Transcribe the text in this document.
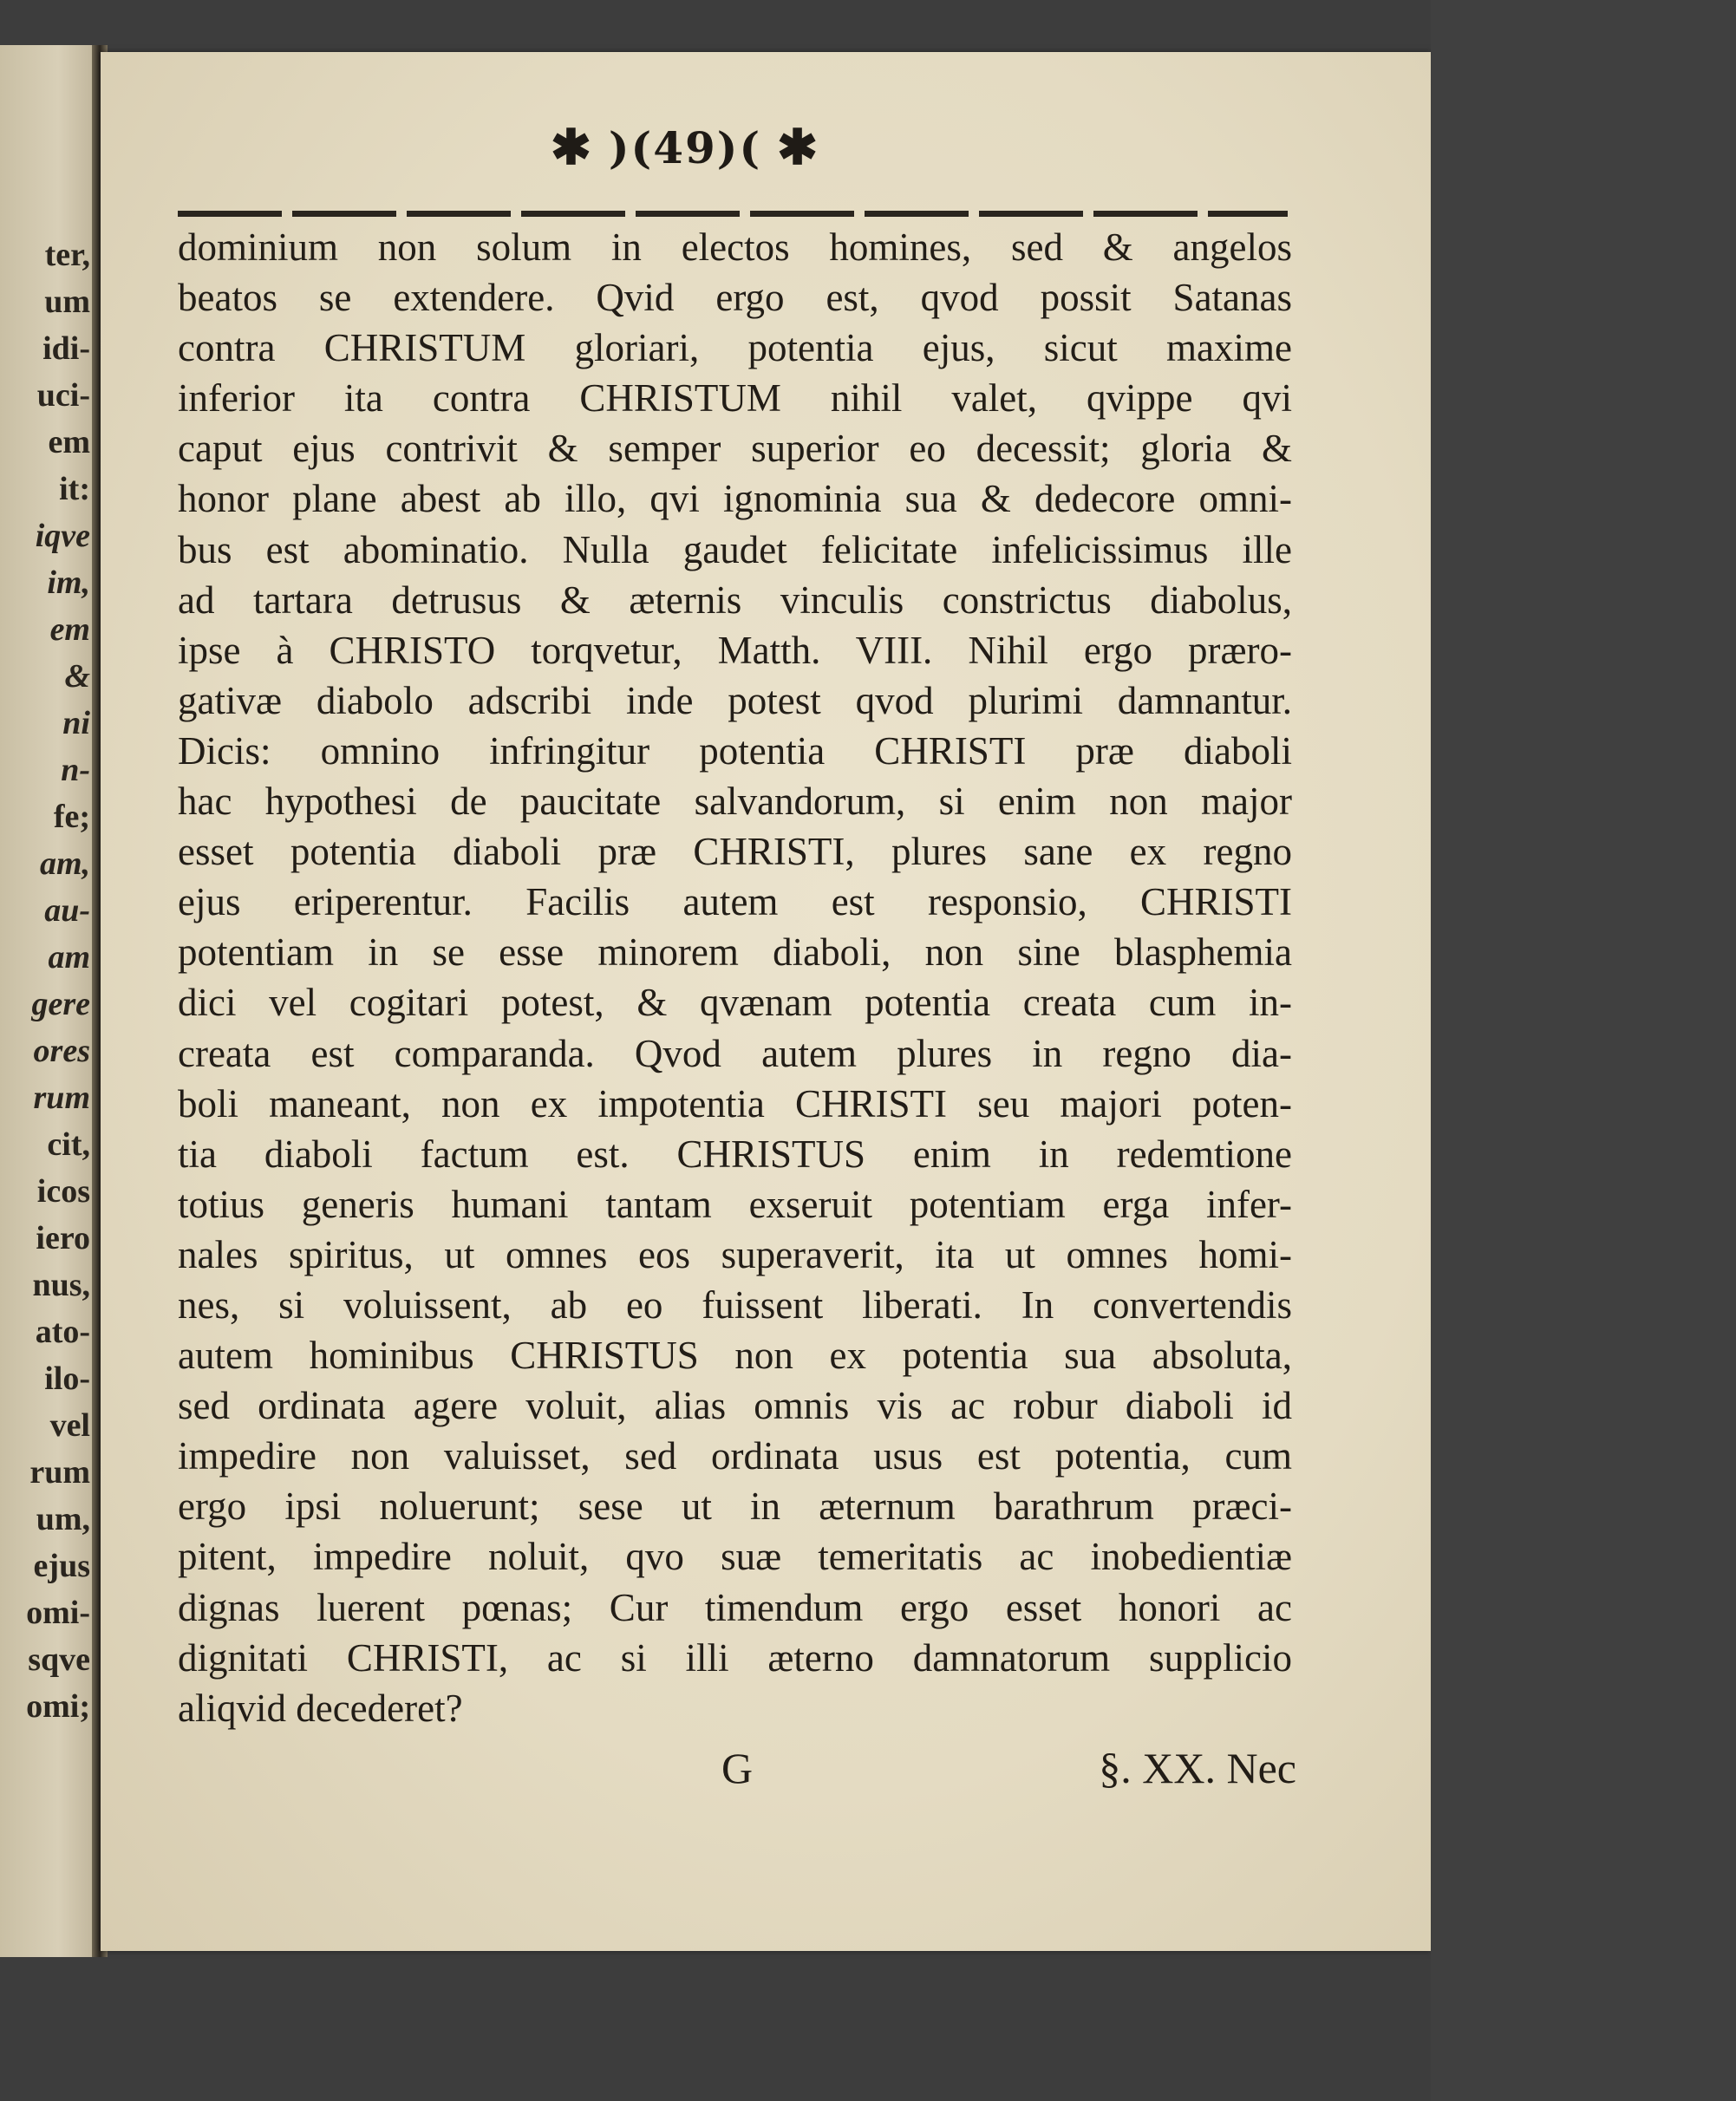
ter,
um
idi-
uci-
em
it:
iqve
im,
em
&
ni
n-
fe;
am,
au-
am
gere
ores
rum
cit,
icos
iero
nus,
ato-
ilo-
vel
rum
um,
ejus
omi-
sqve
omi;
✱ )(49)( ✱
dominium non solum in electos homines, sed & angelos
beatos se extendere. Qvid ergo est, qvod possit Satanas
contra CHRISTUM gloriari, potentia ejus, sicut maxime
inferior ita contra CHRISTUM nihil valet, qvippe qvi
caput ejus contrivit & semper superior eo decessit; gloria &
honor plane abest ab illo, qvi ignominia sua & dedecore omni-
bus est abominatio. Nulla gaudet felicitate infelicissimus ille
ad tartara detrusus & æternis vinculis constrictus diabolus,
ipse à CHRISTO torqvetur, Matth. VIII. Nihil ergo præro-
gativæ diabolo adscribi inde potest qvod plurimi damnantur.
Dicis: omnino infringitur potentia CHRISTI præ diaboli
hac hypothesi de paucitate salvandorum, si enim non major
esset potentia diaboli præ CHRISTI, plures sane ex regno
ejus eriperentur. Facilis autem est responsio, CHRISTI
potentiam in se esse minorem diaboli, non sine blasphemia
dici vel cogitari potest, & qvænam potentia creata cum in-
creata est comparanda. Qvod autem plures in regno dia-
boli maneant, non ex impotentia CHRISTI seu majori poten-
tia diaboli factum est. CHRISTUS enim in redemtione
totius generis humani tantam exseruit potentiam erga infer-
nales spiritus, ut omnes eos superaverit, ita ut omnes homi-
nes, si voluissent, ab eo fuissent liberati. In convertendis
autem hominibus CHRISTUS non ex potentia sua absoluta,
sed ordinata agere voluit, alias omnis vis ac robur diaboli id
impedire non valuisset, sed ordinata usus est potentia, cum
ergo ipsi noluerunt; sese ut in æternum barathrum præci-
pitent, impedire noluit, qvo suæ temeritatis ac inobedientiæ
dignas luerent pœnas; Cur timendum ergo esset honori ac
dignitati CHRISTI, ac si illi æterno damnatorum supplicio
aliqvid decederet?
G	§. XX. Nec
